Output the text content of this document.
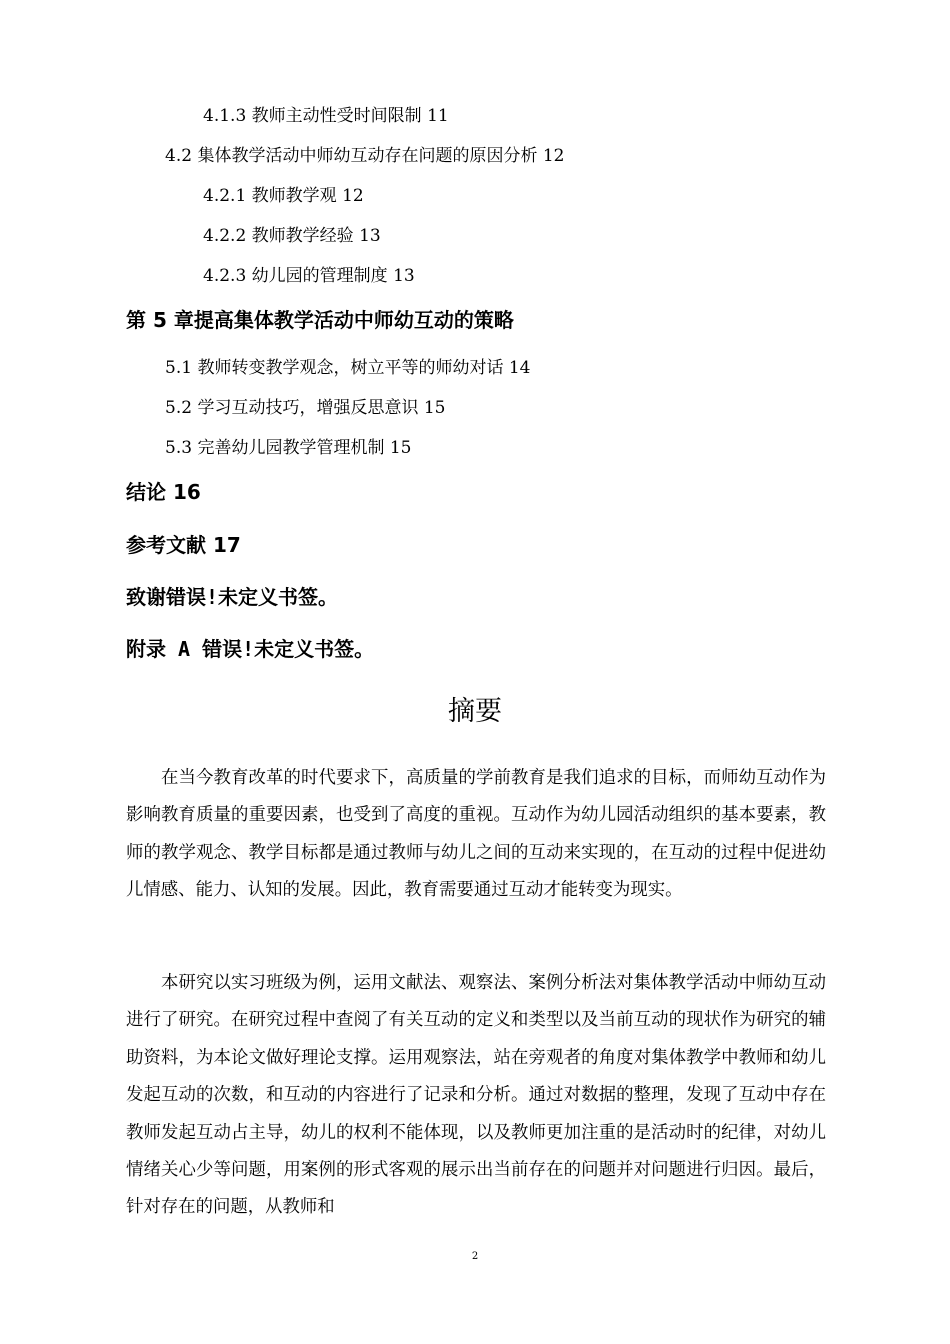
4.1.3 教师主动性受时间限制 11
4.2 集体教学活动中师幼互动存在问题的原因分析 12
4.2.1 教师教学观 12
4.2.2 教师教学经验 13
4.2.3 幼儿园的管理制度 13
第 5 章提高集体教学活动中师幼互动的策略
5.1 教师转变教学观念，树立平等的师幼对话 14
5.2 学习互动技巧，增强反思意识 15
5.3 完善幼儿园教学管理机制 15
结论 16
参考文献 17
致谢错误!未定义书签。
附录 A 错误!未定义书签。
摘要

在当今教育改革的时代要求下，高质量的学前教育是我们追求的目标，而师幼互动作为影响教育质量的重要因素，也受到了高度的重视。互动作为幼儿园活动组织的基本要素，教师的教学观念、教学目标都是通过教师与幼儿之间的互动来实现的，在互动的过程中促进幼儿情感、能力、认知的发展。因此，教育需要通过互动才能转变为现实。

本研究以实习班级为例，运用文献法、观察法、案例分析法对集体教学活动中师幼互动进行了研究。在研究过程中查阅了有关互动的定义和类型以及当前互动的现状作为研究的辅助资料，为本论文做好理论支撑。运用观察法，站在旁观者的角度对集体教学中教师和幼儿发起互动的次数，和互动的内容进行了记录和分析。通过对数据的整理，发现了互动中存在教师发起互动占主导，幼儿的权利不能体现，以及教师更加注重的是活动时的纪律，对幼儿情绪关心少等问题，用案例的形式客观的展示出当前存在的问题并对问题进行归因。最后，针对存在的问题，从教师和

2
